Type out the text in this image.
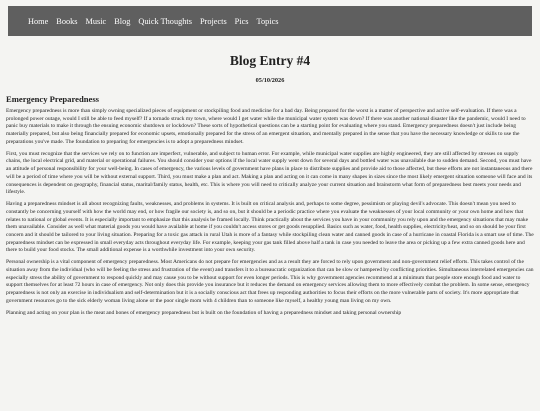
Home Books Music Blog Quick Thoughts Projects Pics Topics
Blog Entry #4
05/10/2026
Emergency Preparedness

Emergency preparedness is more than simply owning specialized pieces of equipment or stockpiling food and medicine for a bad day. Being prepared for the worst is a matter of perspective and active self-evaluation. If there was a prolonged power outage, would I still be able to feed myself? If a tornado struck my town, where would I get water while the municipal water system was down? If there was another national disaster like the pandemic, would I need to panic buy materials to make it through the ensuing economic shutdown or lockdown? These sorts of hypothetical questions can be a starting point for evaluating where you stand. Emergency preparedness doesn't just include being materially prepared, but also being financially prepared for economic upsets, emotionally prepared for the stress of an emergent situation, and mentally prepared in the sense that you have the necessary knowledge or skills to use the preparations you've made. The foundation to preparing for emergencies is to adopt a preparedness mindset.

First, you must recognize that the services we rely on to function are imperfect, vulnerable, and subject to human error. For example, while municipal water supplies are highly engineered, they are still affected by stresses on supply chains, the local electrical grid, and material or operational failures. You should consider your options if the local water supply went down for several days and bottled water was unavailable due to sudden demand. Second, you must have an attitude of personal responsibility for your well-being. In cases of emergency, the various levels of government have plans in place to distribute supplies and provide aid to those affected, but these efforts are not instantaneous and there will be a period of time where you will be without external support. Third, you must make a plan and act. Making a plan and acting on it can come in many shapes in sizes since the most likely emergent situation someone will face and its consequences is dependent on geography, financial status, marital/family status, health, etc. This is where you will need to critically analyze your current situation and brainstorm what form of preparedness best meets your needs and lifestyle.

Having a preparedness mindset is all about recognizing faults, weaknesses, and problems in systems. It is built on critical analysis and, perhaps to some degree, pessimism or playing devil's advocate. This doesn't mean you need to constantly be concerning yourself with how the world may end, or how fragile our society is, and so on, but it should be a periodic practice where you evaluate the weaknesses of your local community or your own home and how that relates to national or global events. It is especially important to emphasize that this analysis be framed locally. Think practically about the services you have in your community you rely upon and the emergency situations that may make them unavailable. Consider as well what material goods you would have available at home if you couldn't access stores or get goods resupplied. Basics such as water, food, health supplies, electricity/heat, and so on should be your first concern and it should be tailored to your living situation. Preparing for a toxic gas attack in rural Utah is more of a fantasy while stockpiling clean water and canned goods in case of a hurricane in coastal Florida is a smart use of time. The preparedness mindset can be expressed in small everyday acts throughout everyday life. For example, keeping your gas tank filled above half a tank in case you needed to leave the area or picking up a few extra canned goods here and there to build your food stocks. The small additional expense is a worthwhile investment into your own security.

Personal ownership is a vital component of emergency preparedness. Most Americans do not prepare for emergencies and as a result they are forced to rely upon government and non-government relief efforts. This takes control of the situation away from the individual (who will be feeling the stress and frustration of the event) and transfers it to a bureaucratic organization that can be slow or hampered by conflicting priorities. Simultaneous interrelated emergencies can especially stress the ability of government to respond quickly and may cause you to be without support for even longer periods. This is why government agencies recommend at a minimum that people store enough food and water to support themselves for at least 72 hours in case of emergency. Not only does this provide you insurance but it reduces the demand on emergency services allowing them to more effectively combat the problem. In some sense, emergency preparedness is not only an exercise in individualism and self-determination but it is a socially conscious act that frees up responding authorities to focus their efforts on the more vulnerable parts of society. It's more appropriate that government resources go to the sick elderly woman living alone or the poor single mom with 4 children than to someone like myself, a healthy young man living on my own.

Planning and acting on your plan is the meat and bones of emergency preparedness but is built on the foundation of having a preparedness mindset and taking personal ownership
